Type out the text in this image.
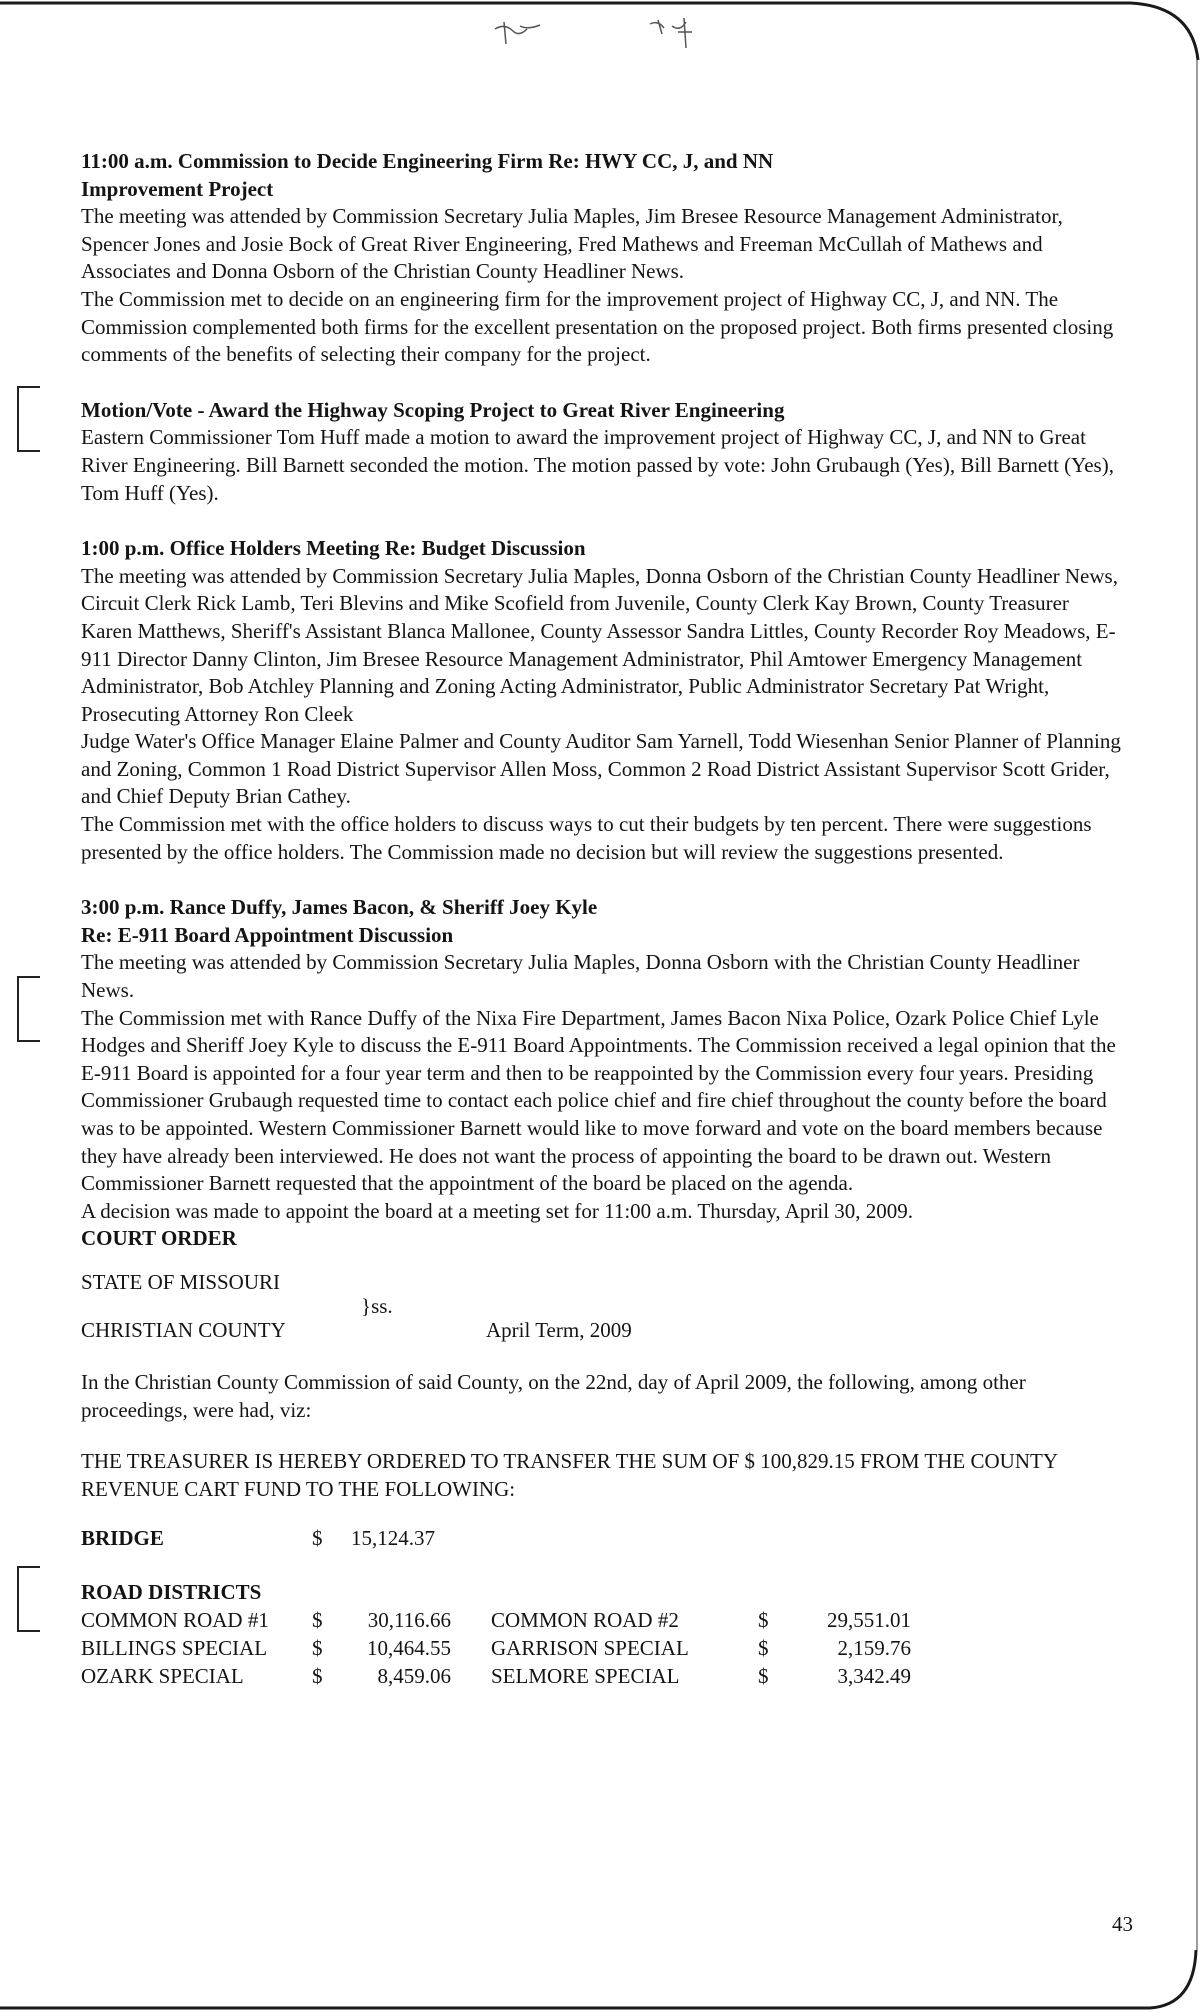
11:00 a.m. Commission to Decide Engineering Firm Re: HWY CC, J, and NN

Improvement Project

The meeting was attended by Commission Secretary Julia Maples, Jim Bresee Resource Management Administrator, Spencer Jones and Josie Bock of Great River Engineering, Fred Mathews and Freeman McCullah of Mathews and Associates and Donna Osborn of the Christian County Headliner News.

The Commission met to decide on an engineering firm for the improvement project of Highway CC, J, and NN. The Commission complemented both firms for the excellent presentation on the proposed project. Both firms presented closing comments of the benefits of selecting their company for the project.

Motion/Vote - Award the Highway Scoping Project to Great River Engineering

Eastern Commissioner Tom Huff made a motion to award the improvement project of Highway CC, J, and NN to Great River Engineering. Bill Barnett seconded the motion. The motion passed by vote: John Grubaugh (Yes), Bill Barnett (Yes), Tom Huff (Yes).

1:00 p.m. Office Holders Meeting Re: Budget Discussion

The meeting was attended by Commission Secretary Julia Maples, Donna Osborn of the Christian County Headliner News, Circuit Clerk Rick Lamb, Teri Blevins and Mike Scofield from Juvenile, County Clerk Kay Brown, County Treasurer Karen Matthews, Sheriff's Assistant Blanca Mallonee, County Assessor Sandra Littles, County Recorder Roy Meadows, E-911 Director Danny Clinton, Jim Bresee Resource Management Administrator, Phil Amtower Emergency Management Administrator, Bob Atchley Planning and Zoning Acting Administrator, Public Administrator Secretary Pat Wright, Prosecuting Attorney Ron Cleek

Judge Water's Office Manager Elaine Palmer and County Auditor Sam Yarnell, Todd Wiesenhan Senior Planner of Planning and Zoning, Common 1 Road District Supervisor Allen Moss, Common 2 Road District Assistant Supervisor Scott Grider, and Chief Deputy Brian Cathey.

The Commission met with the office holders to discuss ways to cut their budgets by ten percent. There were suggestions presented by the office holders. The Commission made no decision but will review the suggestions presented.

3:00 p.m. Rance Duffy, James Bacon, & Sheriff Joey Kyle

Re: E-911 Board Appointment Discussion

The meeting was attended by Commission Secretary Julia Maples, Donna Osborn with the Christian County Headliner News.

The Commission met with Rance Duffy of the Nixa Fire Department, James Bacon Nixa Police, Ozark Police Chief Lyle Hodges and Sheriff Joey Kyle to discuss the E-911 Board Appointments. The Commission received a legal opinion that the E-911 Board is appointed for a four year term and then to be reappointed by the Commission every four years. Presiding Commissioner Grubaugh requested time to contact each police chief and fire chief throughout the county before the board was to be appointed. Western Commissioner Barnett would like to move forward and vote on the board members because they have already been interviewed. He does not want the process of appointing the board to be drawn out. Western Commissioner Barnett requested that the appointment of the board be placed on the agenda.

A decision was made to appoint the board at a meeting set for 11:00 a.m. Thursday, April 30, 2009.

COURT ORDER

STATE OF MISSOURI
}ss.
CHRISTIAN COUNTY	April Term, 2009

In the Christian County Commission of said County, on the 22nd, day of April 2009, the following, among other proceedings, were had, viz:

THE TREASURER IS HEREBY ORDERED TO TRANSFER THE SUM OF $ 100,829.15 FROM THE COUNTY REVENUE CART FUND TO THE FOLLOWING:

BRIDGE	$ 15,124.37

ROAD DISTRICTS

COMMON ROAD #1 $	30,116.66 COMMON ROAD #2	$	29,551.01
BILLINGS SPECIAL $	10,464.55 GARRISON SPECIAL	$	2,159.76
OZARK SPECIAL	$	8,459.06 SELMORE SPECIAL	$	3,342.49
43
